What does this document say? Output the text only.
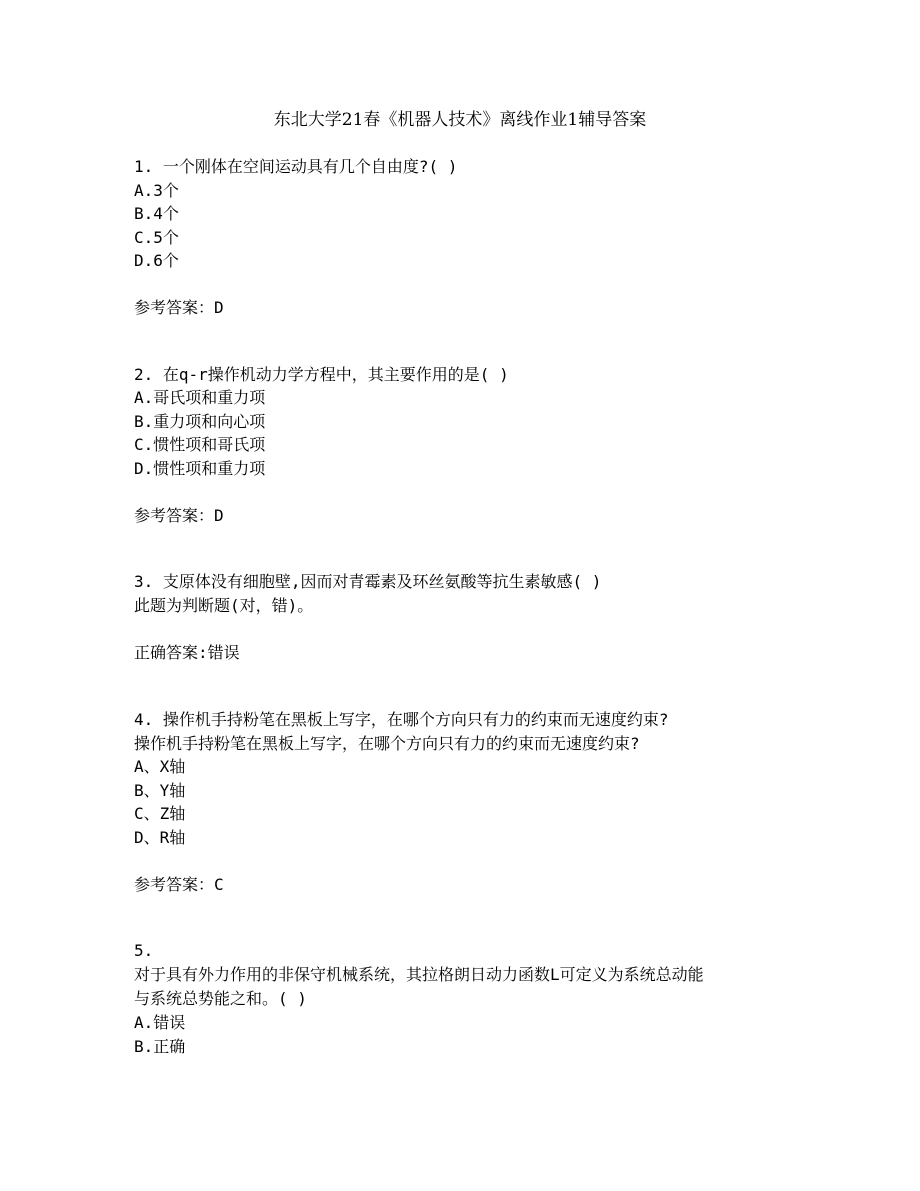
东北大学21春《机器人技术》离线作业1辅导答案
1. 一个刚体在空间运动具有几个自由度?( )
A.3个
B.4个
C.5个
D.6个
参考答案：D
2. 在q-r操作机动力学方程中，其主要作用的是( )
A.哥氏项和重力项
B.重力项和向心项
C.惯性项和哥氏项
D.惯性项和重力项
参考答案：D
3. 支原体没有细胞壁,因而对青霉素及环丝氨酸等抗生素敏感( )
此题为判断题(对，错)。
正确答案:错误
4. 操作机手持粉笔在黑板上写字，在哪个方向只有力的约束而无速度约束?
操作机手持粉笔在黑板上写字，在哪个方向只有力的约束而无速度约束?
A、X轴
B、Y轴
C、Z轴
D、R轴
参考答案：C
5.
对于具有外力作用的非保守机械系统，其拉格朗日动力函数L可定义为系统总动能
与系统总势能之和。( )
A.错误
B.正确
